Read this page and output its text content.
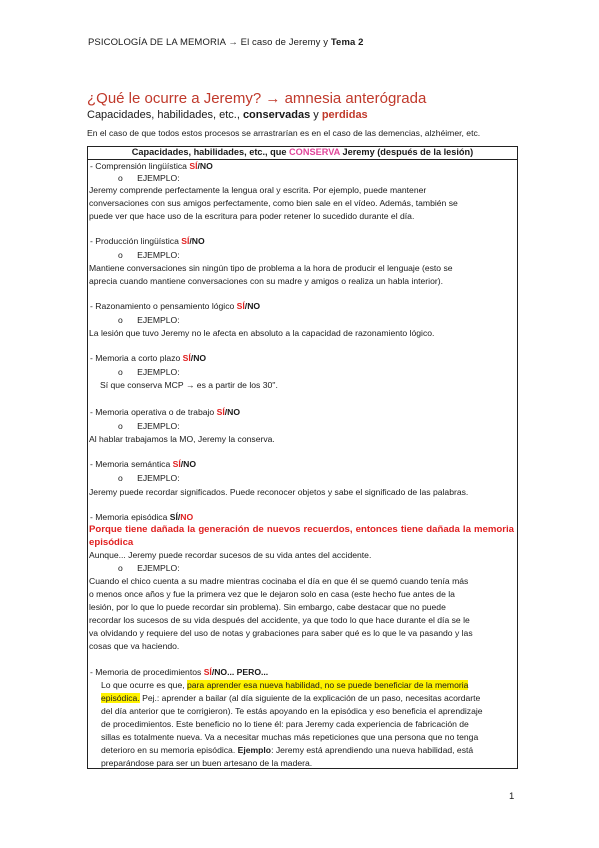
PSICOLOGÍA DE LA MEMORIA → El caso de Jeremy y Tema 2
¿Qué le ocurre a Jeremy? → amnesia anterógrada
Capacidades, habilidades, etc., conservadas y perdidas
En el caso de que todos estos procesos se arrastrarían es en el caso de las demencias, alzhéimer, etc.
Capacidades, habilidades, etc., que CONSERVA Jeremy (después de la lesión)
- Comprensión lingüística SÍ/NO
o EJEMPLO:
Jeremy comprende perfectamente la lengua oral y escrita. Por ejemplo, puede mantener
conversaciones con sus amigos perfectamente, como bien sale en el vídeo. Además, también se
puede ver que hace uso de la escritura para poder retener lo sucedido durante el día.
- Producción lingüística SÍ/NO
o EJEMPLO:
Mantiene conversaciones sin ningún tipo de problema a la hora de producir el lenguaje (esto se
aprecia cuando mantiene conversaciones con su madre y amigos o realiza un habla interior).
- Razonamiento o pensamiento lógico SÍ/NO
o EJEMPLO:
La lesión que tuvo Jeremy no le afecta en absoluto a la capacidad de razonamiento lógico.
- Memoria a corto plazo SÍ/NO
o EJEMPLO:
Sí que conserva MCP → es a partir de los 30''.
- Memoria operativa o de trabajo SÍ/NO
o EJEMPLO:
Al hablar trabajamos la MO, Jeremy la conserva.
- Memoria semántica SÍ/NO
o EJEMPLO:
Jeremy puede recordar significados. Puede reconocer objetos y sabe el significado de las palabras.
- Memoria episódica SÍ/NO
Porque tiene dañada la generación de nuevos recuerdos, entonces tiene dañada la memoria episódica
Aunque... Jeremy puede recordar sucesos de su vida antes del accidente.
o EJEMPLO:
Cuando el chico cuenta a su madre mientras cocinaba el día en que él se quemó cuando tenía más
o menos once años y fue la primera vez que le dejaron solo en casa (este hecho fue antes de la
lesión, por lo que lo puede recordar sin problema). Sin embargo, cabe destacar que no puede
recordar los sucesos de su vida después del accidente, ya que todo lo que hace durante el día se le
va olvidando y requiere del uso de notas y grabaciones para saber qué es lo que le va pasando y las
cosas que va haciendo.
- Memoria de procedimientos SÍ/NO... PERO...
Lo que ocurre es que, para aprender esa nueva habilidad, no se puede beneficiar de la memoria
episódica. Pej.: aprender a bailar (al día siguiente de la explicación de un paso, necesitas acordarte
del día anterior que te corrigieron). Te estás apoyando en la episódica y eso beneficia el aprendizaje
de procedimientos. Este beneficio no lo tiene él: para Jeremy cada experiencia de fabricación de
sillas es totalmente nueva. Va a necesitar muchas más repeticiones que una persona que no tenga
deterioro en su memoria episódica. Ejemplo: Jeremy está aprendiendo una nueva habilidad, está
preparándose para ser un buen artesano de la madera.
1
